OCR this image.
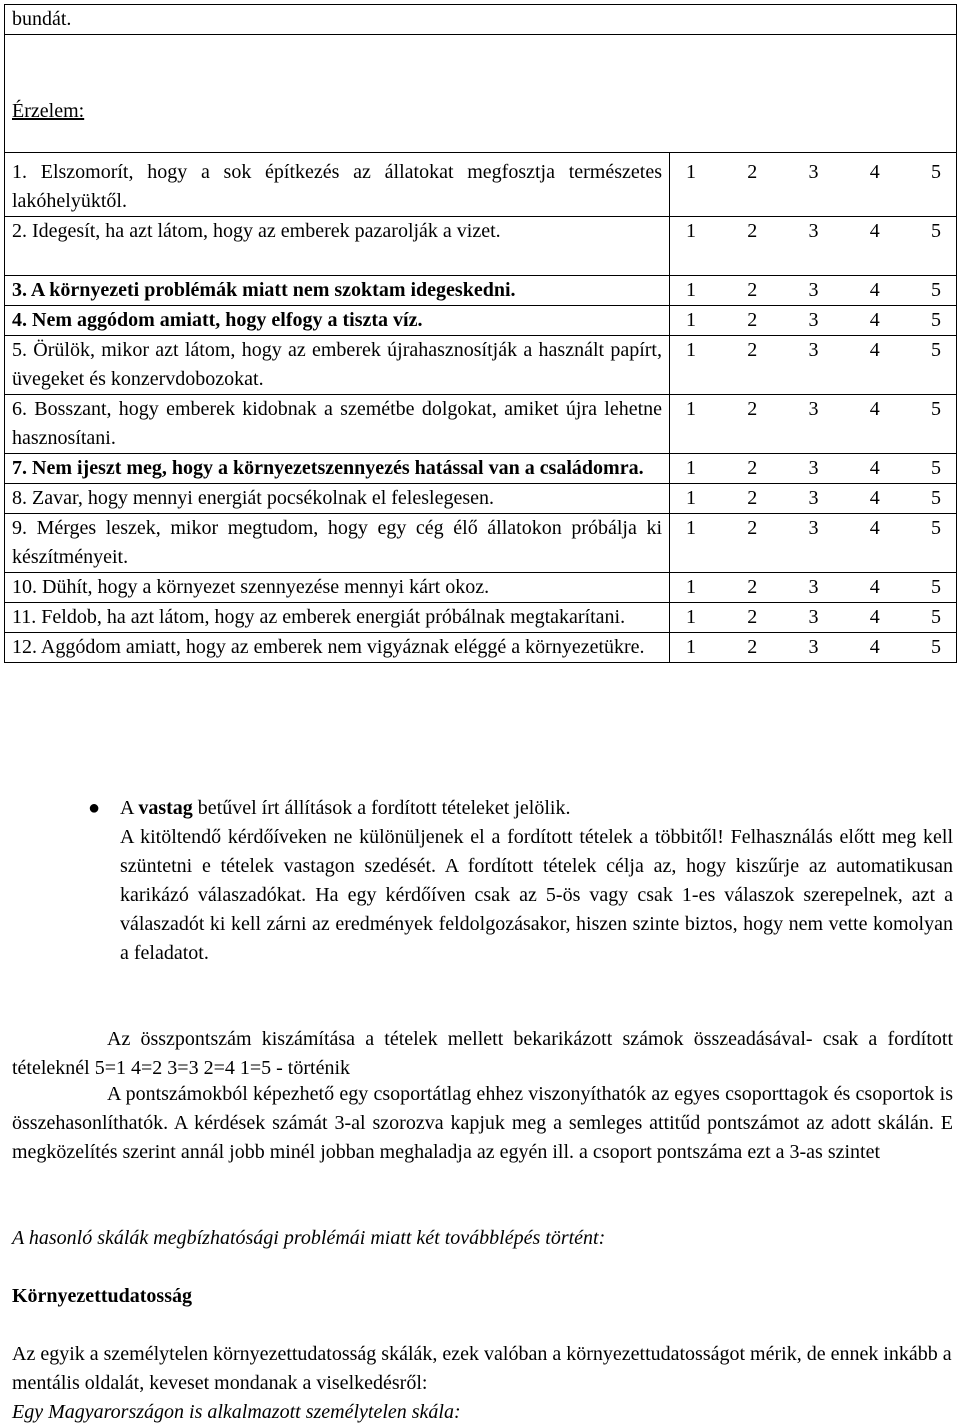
bundát.	
Érzelem:	
1. Elszomorít, hogy a sok építkezés az állatokat megfosztja természetes lakóhelyüktől.	1 2 3 4 5

2. Idegesít, ha azt látom, hogy az emberek pazarolják a vizet.	1 2 3 4 5

3. A környezeti problémák miatt nem szoktam idegeskedni.	1 2 3 4 5

4. Nem aggódom amiatt, hogy elfogy a tiszta víz.	1 2 3 4 5

5. Örülök, mikor azt látom, hogy az emberek újrahasznosítják a használt papírt, üvegeket és konzervdobozokat.	1 2 3 4 5

6. Bosszant, hogy emberek kidobnak a szemétbe dolgokat, amiket újra lehetne hasznosítani.	1 2 3 4 5

7. Nem ijeszt meg, hogy a környezetszennyezés hatással van a családomra.	1 2 3 4 5

8. Zavar, hogy mennyi energiát pocsékolnak el feleslegesen.	1 2 3 4 5

9. Mérges leszek, mikor megtudom, hogy egy cég élő állatokon próbálja ki készítményeit.	1 2 3 4 5

10. Dühít, hogy a környezet szennyezése mennyi kárt okoz.	1 2 3 4 5

11. Feldob, ha azt látom, hogy az emberek energiát próbálnak megtakarítani.	1 2 3 4 5

12. Aggódom amiatt, hogy az emberek nem vigyáznak eléggé a környezetükre.	1 2 3 4 5
● A vastag betűvel írt állítások a fordított tételeket jelölik.

A kitöltendő kérdőíveken ne különüljenek el a fordított tételek a többitől! Felhasználás előtt meg kell szüntetni e tételek vastagon szedését. A fordított tételek célja az, hogy kiszűrje az automatikusan karikázó válaszadókat. Ha egy kérdőíven csak az 5-ös vagy csak 1-es válaszok szerepelnek, azt a válaszadót ki kell zárni az eredmények feldolgozásakor, hiszen szinte biztos, hogy nem vette komolyan a feladatot.

Az összpontszám kiszámítása a tételek mellett bekarikázott számok összeadásával- csak a fordított tételeknél 5=1 4=2 3=3 2=4 1=5 - történik

A pontszámokból képezhető egy csoportátlag ehhez viszonyíthatók az egyes csoporttagok és csoportok is összehasonlíthatók. A kérdések számát 3-al szorozva kapjuk meg a semleges attitűd pontszámot az adott skálán. E megközelítés szerint annál jobb minél jobban meghaladja az egyén ill. a csoport pontszáma ezt a 3-as szintet

A hasonló skálák megbízhatósági problémái miatt két továbblépés történt:

Környezettudatosság

Az egyik a személytelen környezettudatosság skálák, ezek valóban a környezettudatosságot mérik, de ennek inkább a mentális oldalát, keveset mondanak a viselkedésről:

Egy Magyarországon is alkalmazott személytelen skála:
